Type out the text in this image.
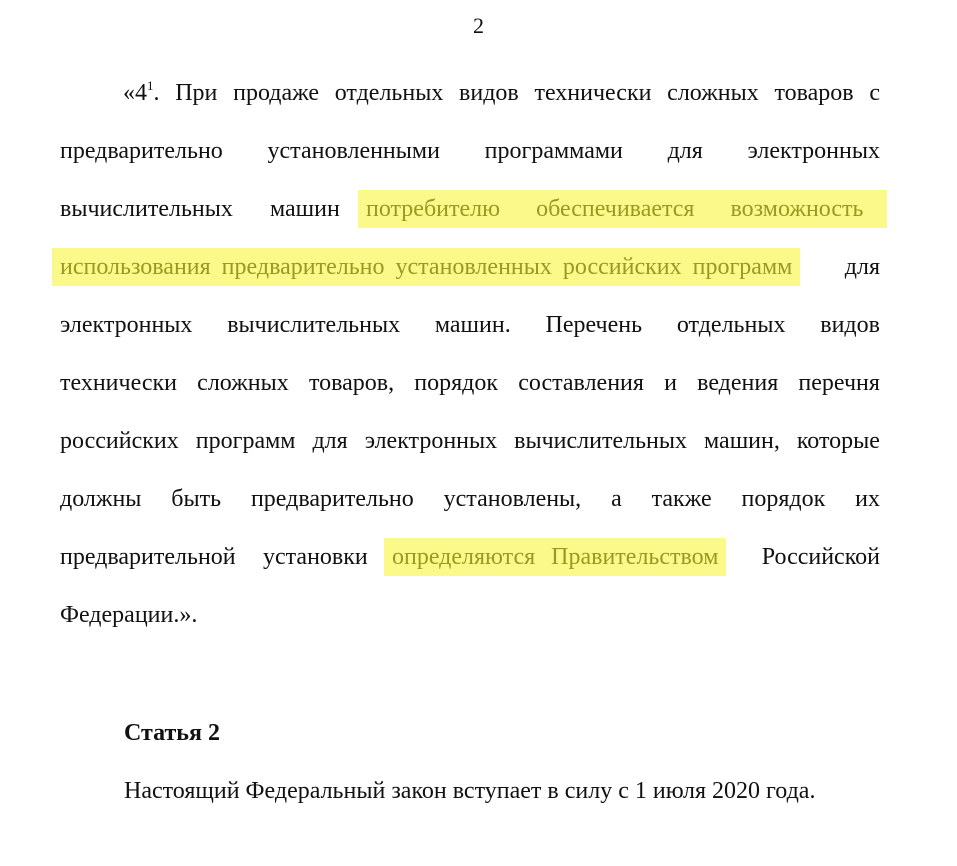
2
«$4^1$. При продаже отдельных видов технически сложных товаров с
предварительно установленными программами для электронных
вычислительных машин	потребителю обеспечивается возможность
использования предварительно установленных российских программ	для
электронных вычислительных машин. Перечень отдельных видов
технически сложных товаров, порядок составления и ведения перечня
российских программ для электронных вычислительных машин, которые
должны быть предварительно установлены, а также порядок их
предварительной установки	определяются Правительством	Российской
Федерации.».
Статья 2
Настоящий Федеральный закон вступает в силу с 1 июля 2020 года.
